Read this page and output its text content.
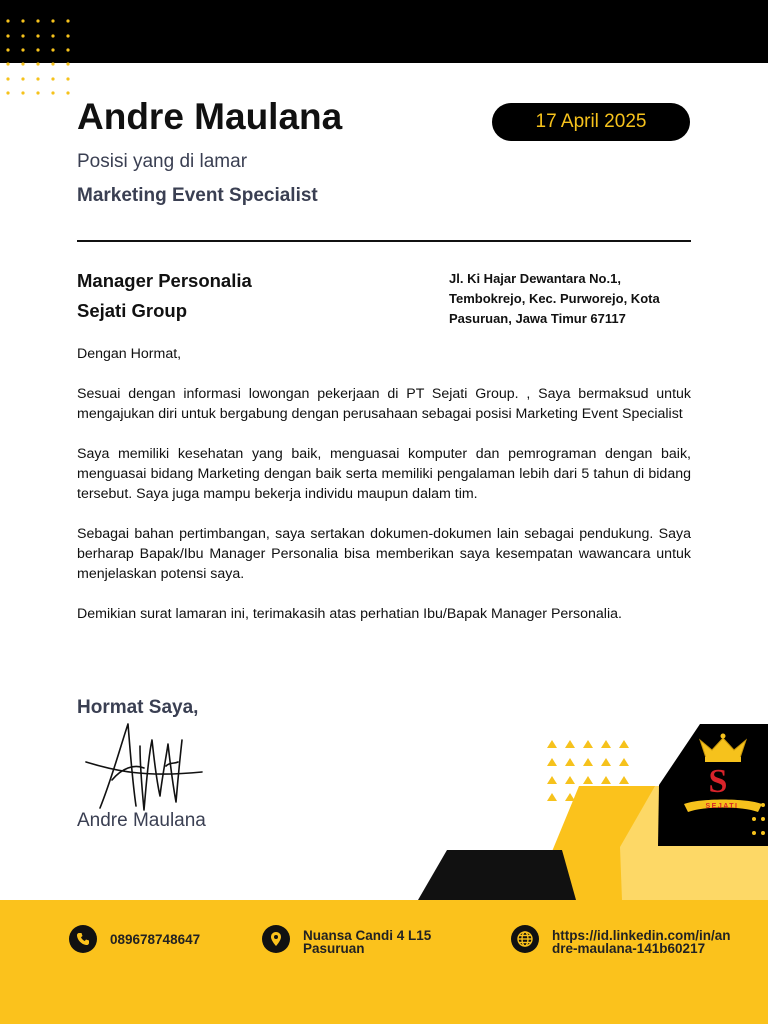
Andre Maulana	17 April 2025
Posisi yang di lamar
Marketing Event Specialist
Manager Personalia
Sejati Group
Jl. Ki Hajar Dewantara No.1, Tembokrejo, Kec. Purworejo, Kota Pasuruan, Jawa Timur 67117

Dengan Hormat,

Sesuai dengan informasi lowongan pekerjaan di PT Sejati Group. , Saya bermaksud untuk mengajukan diri untuk bergabung dengan perusahaan sebagai posisi Marketing Event Specialist

Saya memiliki kesehatan yang baik, menguasai komputer dan pemrograman dengan baik, menguasai bidang Marketing dengan baik serta memiliki pengalaman lebih dari 5 tahun di bidang tersebut. Saya juga mampu bekerja individu maupun dalam tim.

Sebagai bahan pertimbangan, saya sertakan dokumen-dokumen lain sebagai pendukung. Saya berharap Bapak/Ibu Manager Personalia bisa memberikan saya kesempatan wawancara untuk menjelaskan potensi saya.

Demikian surat lamaran ini, terimakasih atas perhatian Ibu/Bapak Manager Personalia.

Hormat Saya,
Andre Maulana
S
SEJATI
089678748647	Nuansa Candi 4 L15 Pasuruan
https://id.linkedin.com/in/andre-maulana-141b60217
